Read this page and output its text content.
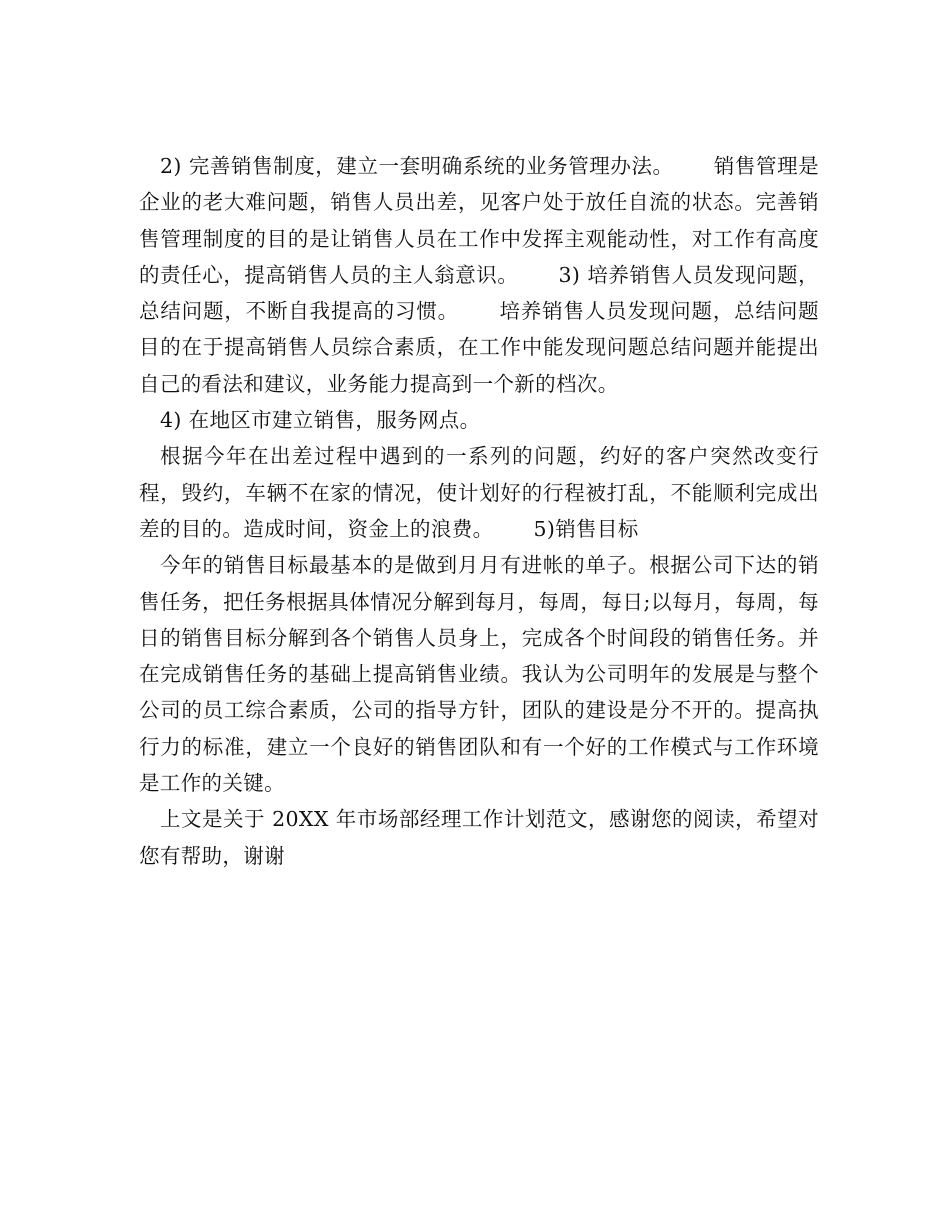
2) 完善销售制度，建立一套明确系统的业务管理办法。 销售管理是企业的老大难问题，销售人员出差，见客户处于放任自流的状态。完善销售管理制度的目的是让销售人员在工作中发挥主观能动性，对工作有高度的责任心，提高销售人员的主人翁意识。 3) 培养销售人员发现问题，总结问题，不断自我提高的习惯。 培养销售人员发现问题，总结问题目的在于提高销售人员综合素质，在工作中能发现问题总结问题并能提出自己的看法和建议，业务能力提高到一个新的档次。

4) 在地区市建立销售，服务网点。

根据今年在出差过程中遇到的一系列的问题，约好的客户突然改变行程，毁约，车辆不在家的情况，使计划好的行程被打乱，不能顺利完成出差的目的。造成时间，资金上的浪费。 5)销售目标

今年的销售目标最基本的是做到月月有进帐的单子。根据公司下达的销售任务，把任务根据具体情况分解到每月，每周，每日;以每月，每周，每日的销售目标分解到各个销售人员身上，完成各个时间段的销售任务。并在完成销售任务的基础上提高销售业绩。我认为公司明年的发展是与整个公司的员工综合素质，公司的指导方针，团队的建设是分不开的。提高执行力的标准，建立一个良好的销售团队和有一个好的工作模式与工作环境是工作的关键。

上文是关于 20XX 年市场部经理工作计划范文，感谢您的阅读，希望对您有帮助，谢谢
